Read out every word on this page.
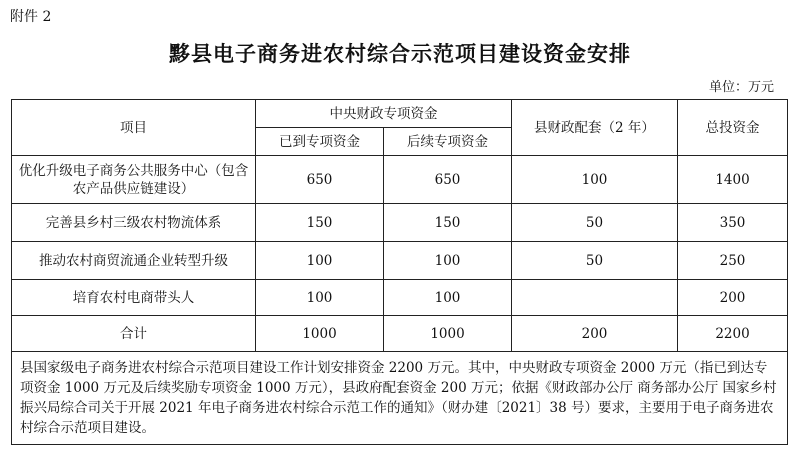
附件 2
黟县电子商务进农村综合示范项目建设资金安排
单位：万元
项目	中央财政专项资金		县财政配套（2 年）	总投资金
	已到专项资金	后续专项资金		
优化升级电子商务公共服务中心（包含农产品供应链建设）	650	650	100	1400
完善县乡村三级农村物流体系	150	150	50	350
推动农村商贸流通企业转型升级	100	100	50	250
培育农村电商带头人	100	100		200
合计	1000	1000	200	2200
县国家级电子商务进农村综合示范项目建设工作计划安排资金 2200 万元。其中，中央财政专项资金 2000 万元（指已到达专项资金 1000 万元及后续奖励专项资金 1000 万元），县政府配套资金 200 万元；依据《财政部办公厅 商务部办公厅 国家乡村振兴局综合司关于开展 2021 年电子商务进农村综合示范工作的通知》（财办建〔2021〕38 号）要求，主要用于电子商务进农村综合示范项目建设。				
